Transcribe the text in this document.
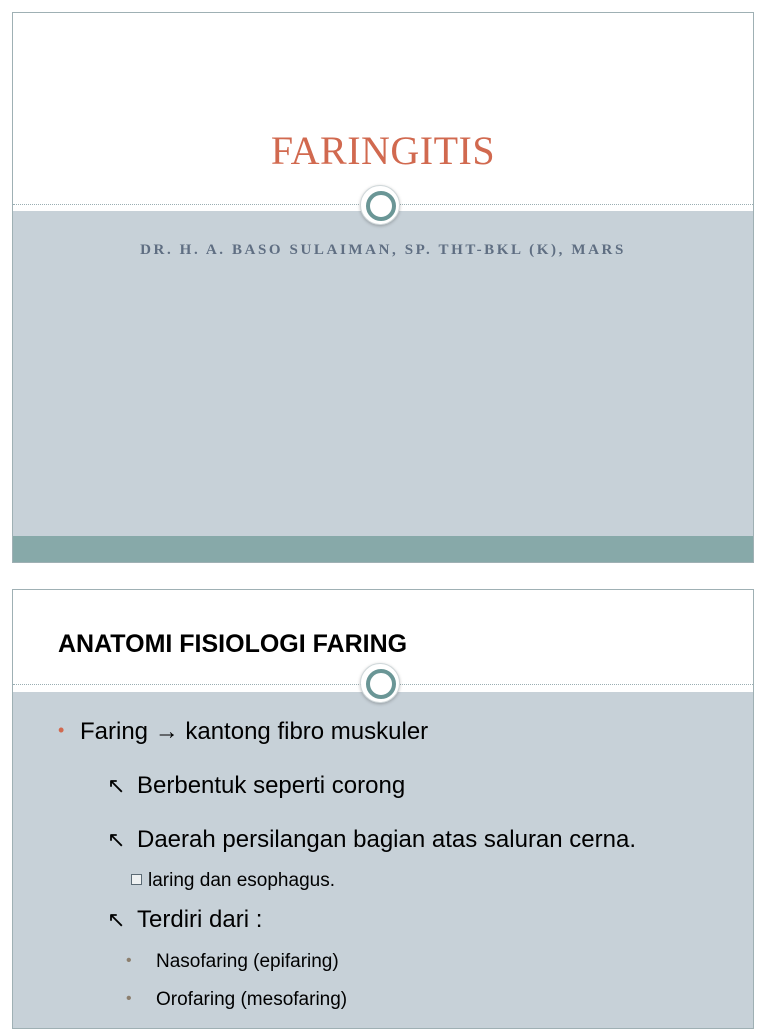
FARINGITIS
DR. H. A. BASO SULAIMAN, SP. THT-BKL (K), MARS
ANATOMI FISIOLOGI FARING
• Faring → kantong fibro muskuler
↖ Berbentuk seperti corong
↖ Daerah persilangan bagian atas saluran cerna.
laring dan esophagus.
↖ Terdiri dari :
• Nasofaring (epifaring)
• Orofaring (mesofaring)
